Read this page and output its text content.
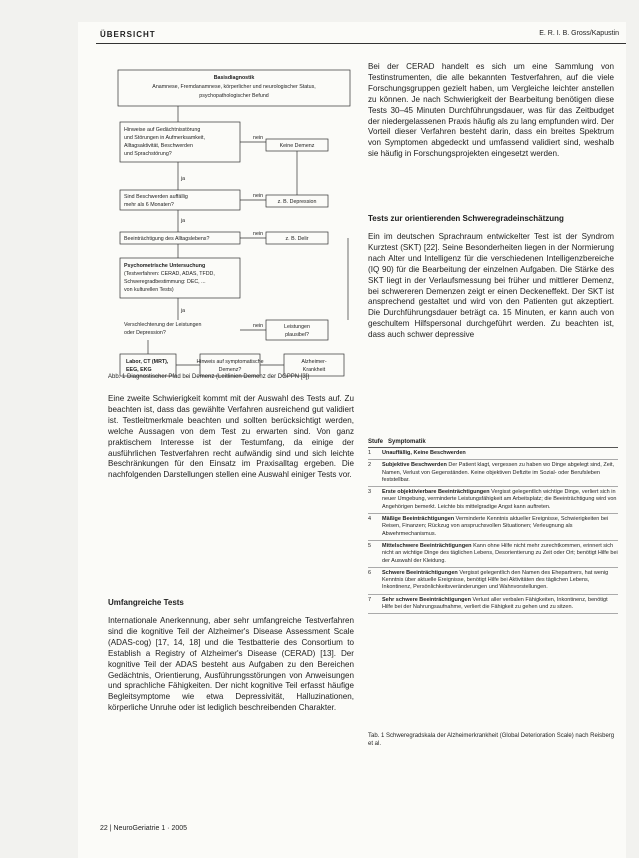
ÜBERSICHT	E. R. I. B. Gross/Kapustin
Basisdiagnostik
Anamnese, Fremdanamnese, körperlicher und neurologischer Status,
psychopathologischer Befund
Hinweise auf Gedächtnisstörung
und Störungen in Aufmerksamkeit,
Alltagsaktivität, Beschwerden
und Sprachstörung?
Keine Demenz
Sind Beschwerden auffällig
mehr als 6 Monaten?	z. B. Depression
Beeinträchtigung des Alltagslebens?	z. B. Delir
Psychometrische Untersuchung
(Testverfahren: CERAD, ADAS, TFDD,
Schweregradbestimmung: DEC, ...
von kulturellen Tests)
Verschlechterung der Leistungen
oder Depression?
Leistungen
plausibel?
Labor, CT (MRT),
EEG, EKG
Hinweis auf symptomatische
Demenz?
Alzheimer-
Krankheit
nein
nein
nein
nein
ja
ja
ja
Abb. 1 Diagnostischer Pfad bei Demenz (Leitlinien Demenz der DGPPN [3])

Eine zweite Schwierigkeit kommt mit der Auswahl des Tests auf. Zu beachten ist, dass das gewählte Verfahren ausreichend gut validiert ist. Testleitmerkmale beachten und sollten berücksichtigt werden, welche Aussagen von dem Test zu erwarten sind. Von ganz praktischem Interesse ist der Testumfang, da einige der ausführlichen Testverfahren recht aufwändig sind und sich leichte Beschränkungen für den Einsatz im Praxisalltag ergeben. Die nachfolgenden Darstellungen stellen eine Auswahl einiger Tests vor.

Umfangreiche Tests
Internationale Anerkennung, aber sehr umfangreiche Testverfahren sind die kognitive Teil der Alzheimer's Disease Assessment Scale (ADAS-cog) [17, 14, 18] und die Testbatterie des Consortium to Establish a Registry of Alzheimer's Disease (CERAD) [13]. Der kognitive Teil der ADAS besteht aus Aufgaben zu den Bereichen Gedächtnis, Orientierung, Ausführungsstörungen von Anweisungen und sprachliche Fähigkeiten. Der nicht kognitive Teil erfasst häufige Begleitsymptome wie etwa Depressivität, Halluzinationen, körperliche Unruhe oder ist lediglich beschreibenden Charakter.
Bei der CERAD handelt es sich um eine Sammlung von Testinstrumenten, die alle bekannten Testverfahren, auf die viele Forschungsgruppen gezielt haben, um Vergleiche leichter anstellen zu können. Je nach Schwierigkeit der Bearbeitung benötigen diese Tests 30–45 Minuten Durchführungsdauer, was für das Zeitbudget der niedergelassenen Praxis häufig als zu lang empfunden wird. Der Vorteil dieser Verfahren besteht darin, dass ein breites Spektrum von Symptomen abgedeckt und umfassend validiert sind, weshalb sie häufig in Forschungsprojekten eingesetzt werden.
Tests zur orientierenden Schweregradeinschätzung
Ein im deutschen Sprachraum entwickelter Test ist der Syndrom Kurztest (SKT) [22]. Seine Besonderheiten liegen in der Normierung nach Alter und Intelligenz für die verschiedenen Intelligenzbereiche (IQ 90) für die Bearbeitung der einzelnen Aufgaben. Die Stärke des SKT liegt in der Verlaufsmessung bei früher und mittlerer Demenz, bei schwereren Demenzen zeigt er einen Deckeneffekt. Der SKT ist ansprechend gestaltet und wird von den Patienten gut akzeptiert. Die Durchführungsdauer beträgt ca. 15 Minuten, er kann auch von geschultem Hilfspersonal durchgeführt werden. Zu beachten ist, dass auch schwer depressive
Stufe Symptomatik
1	Unauffällig, Keine Beschwerden
2	Subjektive Beschwerden Der Patient klagt, vergessen zu haben wo Dinge abgelegt sind, Zeit, Namen, Verlust von Gegenständen. Keine objektiven Defizite im Sozial- oder Berufsleben feststellbar.
3	Erste objektivierbare Beeinträchtigungen Vergisst gelegentlich wichtige Dinge, verliert sich in neuer Umgebung, verminderte Leistungsfähigkeit am Arbeitsplatz; die Beeinträchtigung wird von Angehörigen bemerkt. Leichte bis mittelgradige Angst kann auftreten.
4	Mäßige Beeinträchtigungen Verminderte Kenntnis aktueller Ereignisse, Schwierigkeiten bei Reisen, Finanzen; Rückzug von anspruchsvollen Situationen; Verleugnung als Abwehrmechanismus.
5	Mittelschwere Beeinträchtigungen Kann ohne Hilfe nicht mehr zurechtkommen, erinnert sich nicht an wichtige Dinge des täglichen Lebens, Desorientierung zu Zeit oder Ort; benötigt Hilfe bei der Auswahl der Kleidung.
6	Schwere Beeinträchtigungen Vergisst gelegentlich den Namen des Ehepartners, hat wenig Kenntnis über aktuelle Ereignisse, benötigt Hilfe bei Aktivitäten des täglichen Lebens, Inkontinenz, Persönlichkeitsveränderungen und Wahnvorstellungen.
7	Sehr schwere Beeinträchtigungen Verlust aller verbalen Fähigkeiten, Inkontinenz, benötigt Hilfe bei der Nahrungsaufnahme, verliert die Fähigkeit zu gehen und zu sitzen.
Tab. 1 Schweregradskala der Alzheimerkrankheit (Global Deterioration Scale) nach Reisberg et al.
22 | NeuroGeriatrie 1 · 2005
